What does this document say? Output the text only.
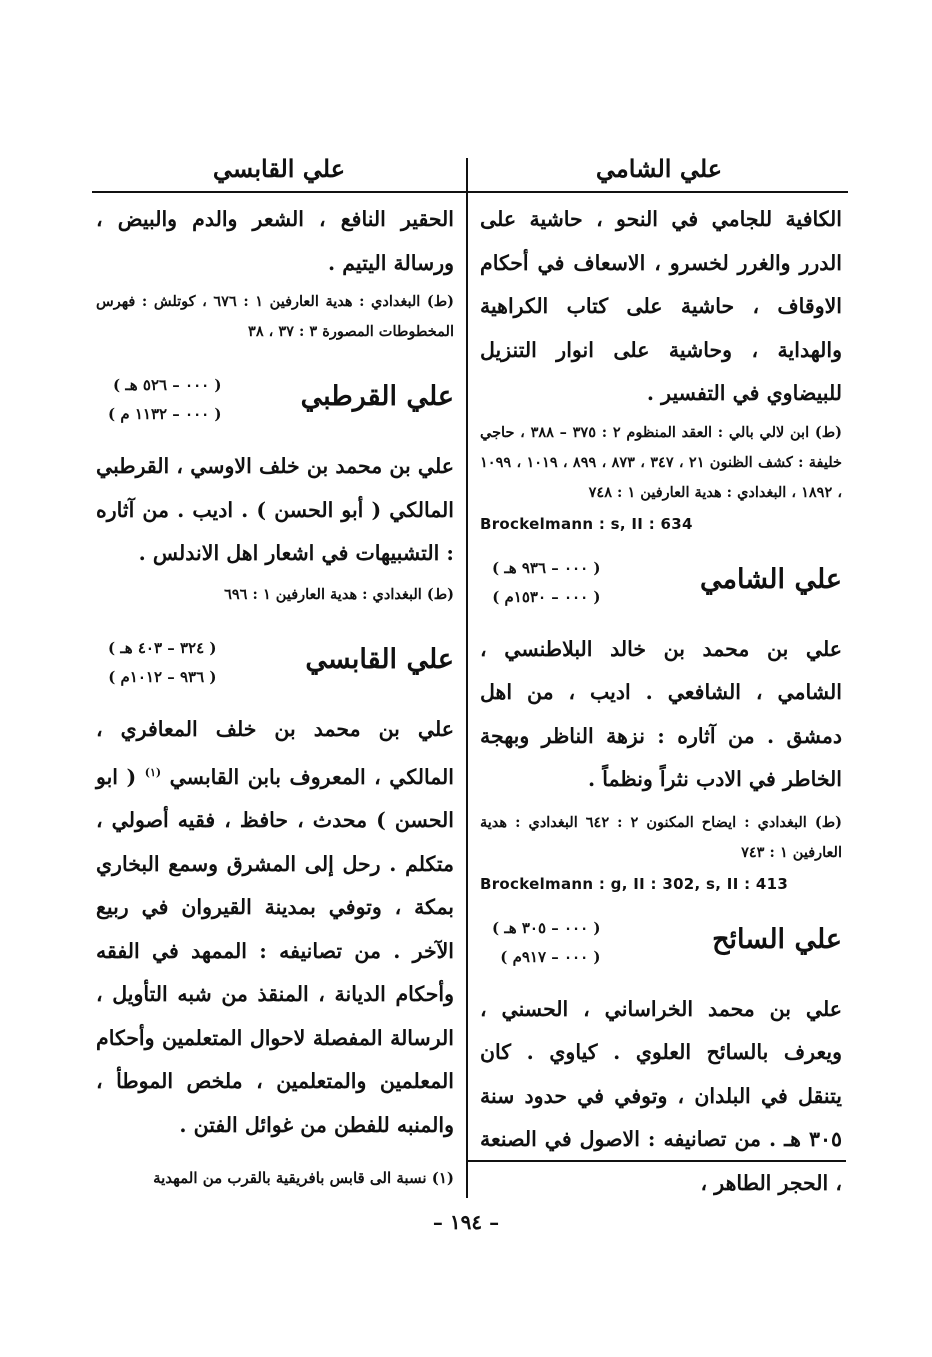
علي الشامي
علي القابسي

الكافية للجامي في النحو ، حاشية على الدرر والغرر لخسرو ، الاسعاف في أحكام الاوقاف ، حاشية على كتاب الكراهية والهداية ، وحاشية على انوار التنزيل للبيضاوي في التفسير .

(ط) ابن لالي بالي : العقد المنظوم ٢ : ٣٧٥ – ٣٨٨ ، حاجي خليفة : كشف الظنون ٢١ ، ٣٤٧ ، ٨٧٣ ، ٨٩٩ ، ١٠١٩ ، ١٠٩٩ ، ١٨٩٢ ، البغدادي : هدية العارفين ١ : ٧٤٨

Brockelmann : s, II : 634

علي الشامي
( ٠٠٠ – ٩٣٦ هـ )
( ٠٠٠ – ١٥٣٠م )

علي بن محمد بن خالد البلاطنسي ، الشامي ، الشافعي . اديب ، من اهل دمشق . من آثاره : نزهة الناظر وبهجة الخاطر في الادب نثراً ونظماً .

(ط) البغدادي : ايضاح المكنون ٢ : ٦٤٢ البغدادي : هدية العارفين ١ : ٧٤٣

Brockelmann : g, II : 302, s, II : 413

علي السائح
( ٠٠٠ – ٣٠٥ هـ )
( ٠٠٠ – ٩١٧م )

علي بن محمد الخراساني ، الحسني ، ويعرف بالسائح العلوي . كياوي . كان يتنقل في البلدان ، وتوفي في حدود سنة ٣٠٥ هـ . من تصانيفه : الاصول في الصنعة ، الحجر الطاهر ،

الحقير النافع ، الشعر والدم والبيض ، ورسالة اليتيم .

(ط) البغدادي : هدية العارفين ١ : ٦٧٦ ، كوتلش : فهرس المخطوطات المصورة ٣ : ٣٧ ، ٣٨

علي القرطبي
( ٠٠٠ – ٥٢٦ هـ )
( ٠٠٠ – ١١٣٢ م )

علي بن محمد بن خلف الاوسي ، القرطبي المالكي ( أبو الحسن ) . اديب . من آثاره : التشبيهات في اشعار اهل الاندلس .

(ط) البغدادي : هدية العارفين ١ : ٦٩٦

علي القابسي
( ٣٢٤ – ٤٠٣ هـ )
( ٩٣٦ – ١٠١٢م )

علي بن محمد بن خلف المعافري ، المالكي ، المعروف بابن القابسي $^{(١)}$ ( ابو الحسن ) محدث ، حافظ ، فقيه أصولي ، متكلم . رحل إلى المشرق وسمع البخاري بمكة ، وتوفي بمدينة القيروان في ربيع الآخر . من تصانيفه : الممهد في الفقه وأحكام الديانة ، المنقذ من شبه التأويل ، الرسالة المفصلة لاحوال المتعلمين وأحكام المعلمين والمتعلمين ، ملخص الموطأ ، والمنبه للفطن من غوائل الفتن .

(١) نسبة الى قابس بافريقية بالقرب من المهدية
– ١٩٤ –
